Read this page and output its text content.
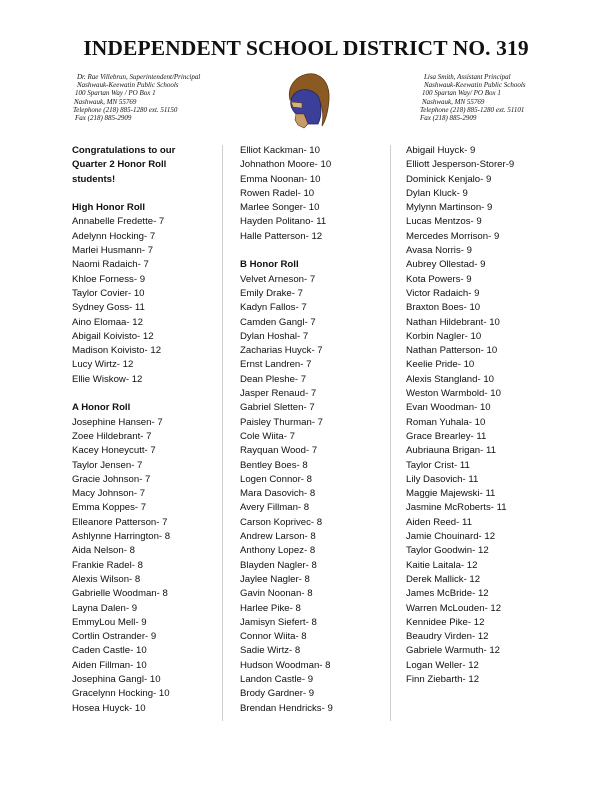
INDEPENDENT SCHOOL DISTRICT NO. 319
Dr. Rae Villebrun, Superintendent/Principal
Nashwauk-Keewatin Public Schools
100 Spartan Way / PO Box 1
Nashwauk, MN 55769
Telephone (218) 885-1280 ext. 51150
Fax (218) 885-2909
Lisa Smith, Assistant Principal
Nashwauk-Keewatin Public Schools
100 Spartan Way/ PO Box 1
Nashwauk, MN 55769
Telephone (218) 885-1280 ext. 51101
Fax (218) 885-2909
Congratulations to our
Quarter 2 Honor Roll
students!
High Honor Roll
Annabelle Fredette- 7
Adelynn Hocking- 7
Marlei Husmann- 7
Naomi Radaich- 7
Khloe Forness- 9
Taylor Covier- 10
Sydney Goss- 11
Aino Elomaa- 12
Abigail Koivisto- 12
Madison Koivisto- 12
Lucy Wirtz- 12
Ellie Wiskow- 12
A Honor Roll
Josephine Hansen- 7
Zoee Hildebrant- 7
Kacey Honeycutt- 7
Taylor Jensen- 7
Gracie Johnson- 7
Macy Johnson- 7
Emma Koppes- 7
Elleanore Patterson- 7
Ashlynne Harrington- 8
Aida Nelson- 8
Frankie Radel- 8
Alexis Wilson- 8
Gabrielle Woodman- 8
Layna Dalen- 9
EmmyLou Mell- 9
Cortlin Ostrander- 9
Caden Castle- 10
Aiden Fillman- 10
Josephina Gangl- 10
Gracelynn Hocking- 10
Hosea Huyck- 10
Elliot Kackman- 10
Johnathon Moore- 10
Emma Noonan- 10
Rowen Radel- 10
Marlee Songer- 10
Hayden Politano- 11
Halle Patterson- 12
B Honor Roll
Velvet Arneson- 7
Emily Drake- 7
Kadyn Fallos- 7
Camden Gangl- 7
Dylan Hoshal- 7
Zacharias Huyck- 7
Ernst Landren- 7
Dean Pleshe- 7
Jasper Renaud- 7
Gabriel Sletten- 7
Paisley Thurman- 7
Cole Wiita- 7
Rayquan Wood- 7
Bentley Boes- 8
Logen Connor- 8
Mara Dasovich- 8
Avery Fillman- 8
Carson Koprivec- 8
Andrew Larson- 8
Anthony Lopez- 8
Blayden Nagler- 8
Jaylee Nagler- 8
Gavin Noonan- 8
Harlee Pike- 8
Jamisyn Siefert- 8
Connor Wiita- 8
Sadie Wirtz- 8
Hudson Woodman- 8
Landon Castle- 9
Brody Gardner- 9
Brendan Hendricks- 9
Abigail Huyck- 9
Elliott Jesperson-Storer-9
Dominick Kenjalo- 9
Dylan Kluck- 9
Mylynn Martinson- 9
Lucas Mentzos- 9
Mercedes Morrison- 9
Avasa Norris- 9
Aubrey Ollestad- 9
Kota Powers- 9
Victor Radaich- 9
Braxton Boes- 10
Nathan Hildebrant- 10
Korbin Nagler- 10
Nathan Patterson- 10
Keelie Pride- 10
Alexis Stangland- 10
Weston Warmbold- 10
Evan Woodman- 10
Roman Yuhala- 10
Grace Brearley- 11
Aubriauna Brigan- 11
Taylor Crist- 11
Lily Dasovich- 11
Maggie Majewski- 11
Jasmine McRoberts- 11
Aiden Reed- 11
Jamie Chouinard- 12
Taylor Goodwin- 12
Kaitie Laitala- 12
Derek Mallick- 12
James McBride- 12
Warren McLouden- 12
Kennidee Pike- 12
Beaudry Virden- 12
Gabriele Warmuth- 12
Logan Weller- 12
Finn Ziebarth- 12
